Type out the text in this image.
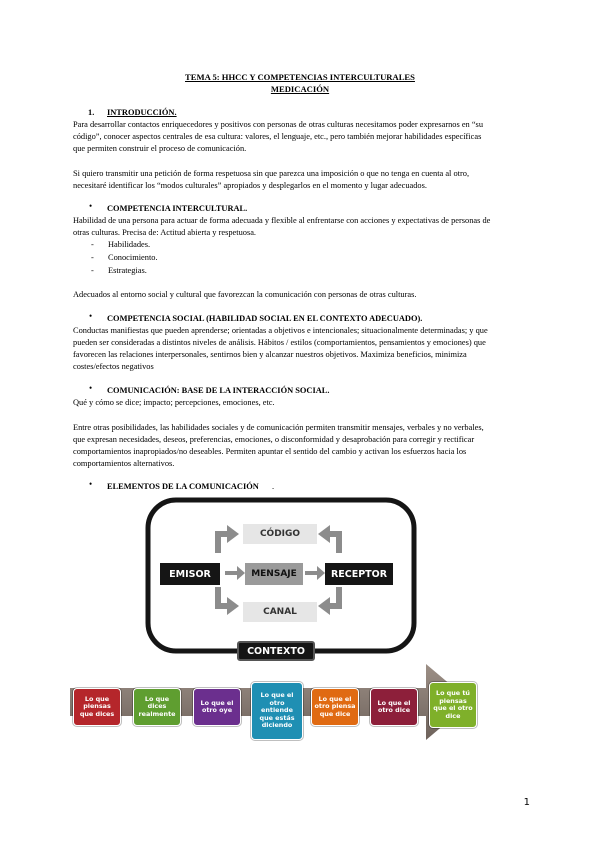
TEMA 5: HHCC Y COMPETENCIAS INTERCULTURALES
MEDICACIÓN
1. INTRODUCCIÓN.
Para desarrollar contactos enriquecedores y positivos con personas de otras culturas necesitamos poder expresarnos en “su
código”, conocer aspectos centrales de esa cultura: valores, el lenguaje, etc., pero también mejorar habilidades específicas
que permiten construir el proceso de comunicación.
Si quiero transmitir una petición de forma respetuosa sin que parezca una imposición o que no tenga en cuenta al otro,
necesitaré identificar los “modos culturales” apropiados y desplegarlos en el momento y lugar adecuados.
• COMPETENCIA INTERCULTURAL.
Habilidad de una persona para actuar de forma adecuada y flexible al enfrentarse con acciones y expectativas de personas de
otras culturas. Precisa de: Actitud abierta y respetuosa.
- Habilidades.
- Conocimiento.
- Estrategias.
Adecuados al entorno social y cultural que favorezcan la comunicación con personas de otras culturas.
• COMPETENCIA SOCIAL (HABILIDAD SOCIAL EN EL CONTEXTO ADECUADO).
Conductas manifiestas que pueden aprenderse; orientadas a objetivos e intencionales; situacionalmente determinadas; y que
pueden ser consideradas a distintos niveles de análisis. Hábitos / estilos (comportamientos, pensamientos y emociones) que
favorecen las relaciones interpersonales, sentirnos bien y alcanzar nuestros objetivos. Maximiza beneficios, minimiza
costes/efectos negativos
• COMUNICACIÓN: BASE DE LA INTERACCIÓN SOCIAL.
Qué y cómo se dice; impacto; percepciones, emociones, etc.
Entre otras posibilidades, las habilidades sociales y de comunicación permiten transmitir mensajes, verbales y no verbales,
que expresan necesidades, deseos, preferencias, emociones, o disconformidad y desaprobación para corregir y rectificar
comportamientos inapropiados/no deseables. Permiten apuntar el sentido del cambio y activan los esfuerzos hacia los
comportamientos alternativos.
• ELEMENTOS DE LA COMUNICACIÓN .
CÓDIGO
EMISOR	MENSAJE	RECEPTOR
CANAL
CONTEXTO
Lo que
piensas
que dices
Lo que
dices
realmente
Lo que el
otro oye
Lo que el
otro
entiende
que estás
diciendo
Lo que el
otro piensa
que dice
Lo que el
otro dice
Lo que tú
piensas
que el otro
dice
1
